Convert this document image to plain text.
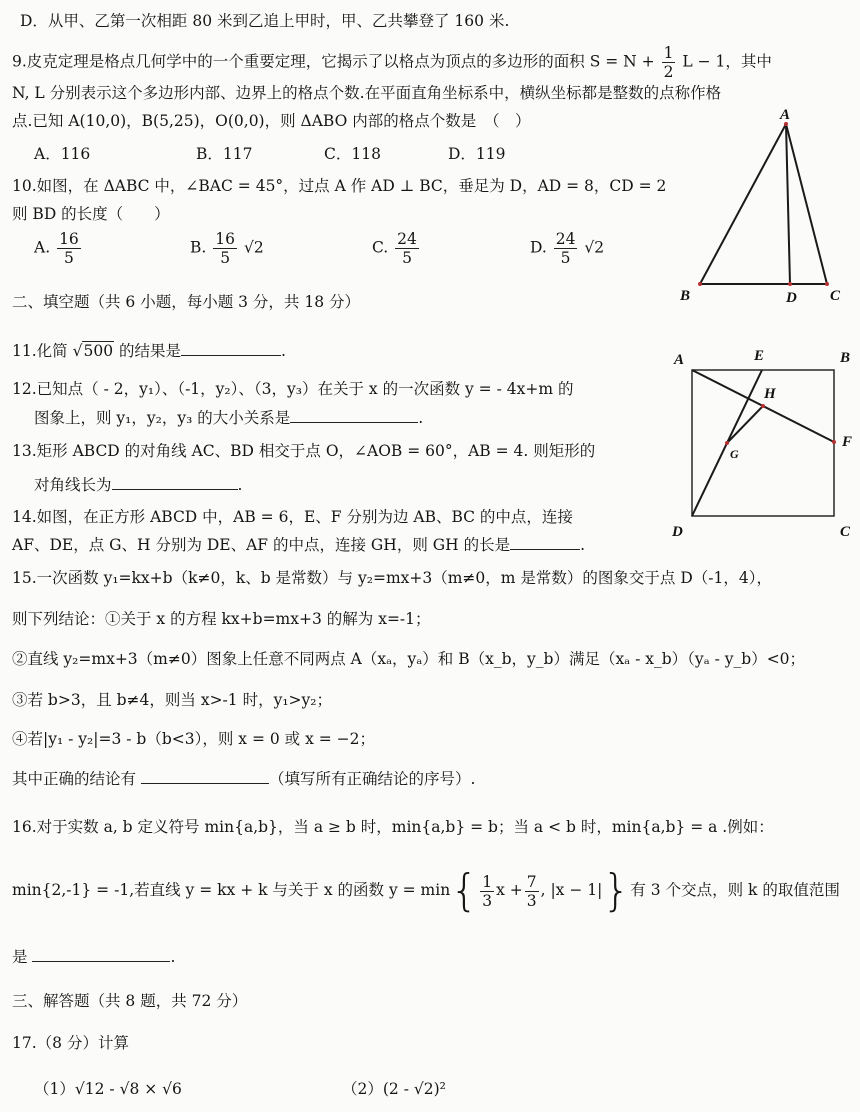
D．从甲、乙第一次相距 80 米到乙追上甲时，甲、乙共攀登了 160 米.
9.皮克定理是格点几何学中的一个重要定理，它揭示了以格点为顶点的多边形的面积 $S = N + \frac{1}{2}$ L − 1，其中
N, L 分别表示这个多边形内部、边界上的格点个数.在平面直角坐标系中，横纵坐标都是整数的点称作格
点.已知 A(10,0)，B(5,25)，O(0,0)，则 ΔABO 内部的格点个数是　（　）
A．116	B．117	C．118	D．119
10.如图，在 ΔABC 中，∠BAC = 45°，过点 A 作 AD ⊥ BC，垂足为 D，AD = 8，CD = 2
则 BD 的长度（　　）
A. $\frac{16}{5}$	B. $\frac{16}{5} √2$	C. $\frac{24}{5}$	D. $\frac{24}{5} √2$
A
B	C
D
二、填空题（共 6 小题，每小题 3 分，共 18 分）
11.化简 √500 的结果是	.
12.已知点（ - 2，y₁）、（-1，y₂）、（3，y₃）在关于 x 的一次函数 y = - 4x+m 的
图象上，则 y₁，y₂，y₃ 的大小关系是	.
13.矩形 ABCD 的对角线 AC、BD 相交于点 O，∠AOB = 60°，AB = 4. 则矩形的
对角线长为	.
14.如图，在正方形 ABCD 中，AB = 6，E、F 分别为边 AB、BC 的中点，连接
AF、DE，点 G、H 分别为 DE、AF 的中点，连接 GH，则 GH 的长是	.
A	E	B
H
F
G
D	C
15.一次函数 y₁=kx+b（k≠0，k、b 是常数）与 y₂=mx+3（m≠0，m 是常数）的图象交于点 D（-1，4），
则下列结论：①关于 x 的方程 kx+b=mx+3 的解为 x=-1；
②直线 y₂=mx+3（m≠0）图象上任意不同两点 A（xₐ，yₐ）和 B（x_b，y_b）满足（xₐ - x_b）（yₐ - y_b）<0；
③若 b>3，且 b≠4，则当 x>-1 时，y₁>y₂；
④若|y₁ - y₂|=3 - b（b<3），则 x = 0 或 x = −2；
其中正确的结论有	（填写所有正确结论的序号）.
16.对于实数 a, b 定义符号 min{a,b}，当 a ≥ b 时，min{a,b} = b；当 a < b 时，min{a,b} = a .例如：
min{2,-1} = -1,若直线 y = kx + k 与关于 x 的函数 $y = \min\{ \frac{1}{3}$ $x + \frac{7}{3}$ , |x − 1|}有 3 个交点，则 k 的取值范围
是	.
三、解答题（共 8 题，共 72 分）
17.（8 分）计算
（1）√12 - √8 × √6	（2）(2 - √2)²
